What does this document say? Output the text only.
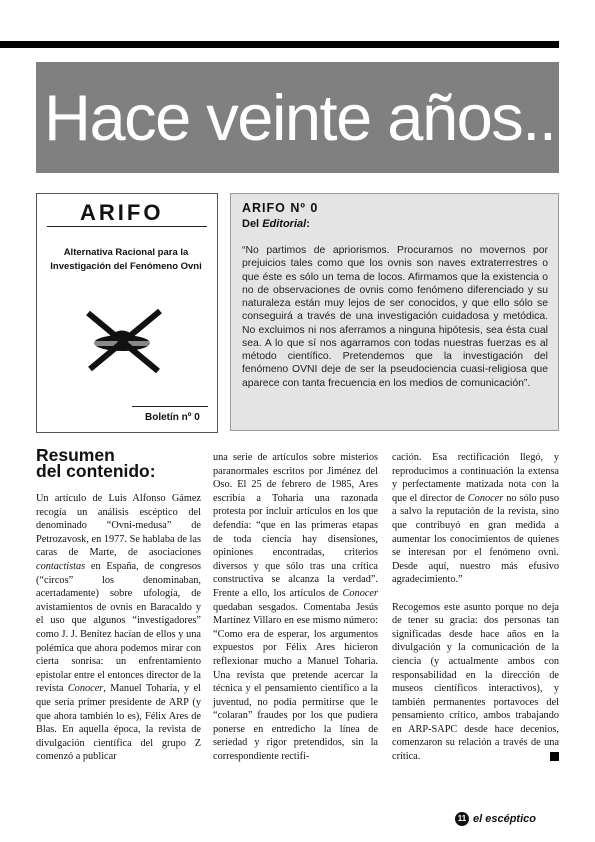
Hace veinte años...
ARIFO
Alternativa Racional para la Investigación del Fenómeno Ovni
Boletín nº 0
ARIFO Nº 0
Del Editorial:
“No partimos de apriorismos. Procuramos no movernos por prejuicios tales como que los ovnis son naves extraterrestres o que éste es sólo un tema de locos. Afirmamos que la existencia o no de observaciones de ovnis como fenómeno diferenciado y su naturaleza están muy lejos de ser conocidos, y que ello sólo se conseguirá a través de una investigación cuidadosa y metódica. No excluimos ni nos aferramos a ninguna hipótesis, sea ésta cual sea. A lo que sí nos agarramos con todas nuestras fuerzas es al método científico. Pretendemos que la investigación del fenómeno OVNI deje de ser la pseudociencia cuasi-religiosa que aparece con tanta frecuencia en los medios de comunicación”.
Resumen
del contenido:

Un artículo de Luis Alfonso Gámez recogía un análisis escéptico del denominado “Ovni-medusa” de Petrozavosk, en 1977. Se hablaba de las caras de Marte, de asociaciones contactistas en España, de congresos (“circos” los denominaban, acertadamente) sobre ufología, de avistamientos de ovnis en Baracaldo y el uso que algunos “investigadores” como J. J. Benítez hacían de ellos y una polémica que ahora podemos mirar con cierta sonrisa: un enfrentamiento epistolar entre el entonces director de la revista Conocer, Manuel Toharia, y el que sería primer presidente de ARP (y que ahora también lo es), Félix Ares de Blas. En aquella época, la revista de divulgación científica del grupo Z comenzó a publicar

una serie de artículos sobre misterios paranormales escritos por Jiménez del Oso. El 25 de febrero de 1985, Ares escribía a Toharia una razonada protesta por incluir artículos en los que defendía: “que en las primeras etapas de toda ciencia hay disensiones, opiniones encontradas, criterios diversos y que sólo tras una crítica constructiva se alcanza la verdad”. Frente a ello, los artículos de Conocer quedaban sesgados. Comentaba Jesús Martínez Villaro en ese mismo número: “Como era de esperar, los argumentos expuestos por Félix Ares hicieron reflexionar mucho a Manuel Toharia. Una revista que pretende acercar la técnica y el pensamiento científico a la juventud, no podía permitirse que le “colaran” fraudes por los que pudiera ponerse en entredicho la línea de seriedad y rigor pretendidos, sin la correspondiente rectifi-

cación. Esa rectificación llegó, y reproducimos a continuación la extensa y perfectamente matizada nota con la que el director de Conocer no sólo puso a salvo la reputación de la revista, sino que contribuyó en gran medida a aumentar los conocimientos de quienes se interesan por el fenómeno ovni. Desde aquí, nuestro más efusivo agradecimiento.”

Recogemos este asunto porque no deja de tener su gracia: dos personas tan significadas desde hace años en la divulgación y la comunicación de la ciencia (y actualmente ambos con responsabilidad en la dirección de museos científicos interactivos), y también permanentes portavoces del pensamiento crítico, ambos trabajando en ARP-SAPC desde hace decenios, comenzaron su relación a través de una crítica.

11 el escéptico
